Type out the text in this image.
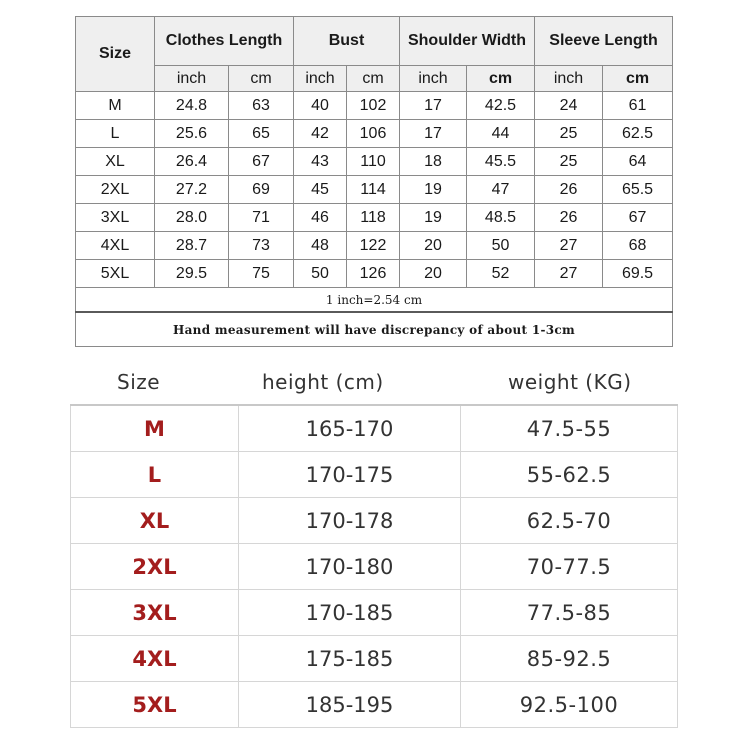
Size	Clothes Length		Bust		Shoulder Width		Sleeve Length	
	inch	cm	inch	cm	inch	cm	inch	cm
M	24.8	63	40	102	17	42.5	24	61
L	25.6	65	42	106	17	44	25	62.5
XL	26.4	67	43	110	18	45.5	25	64
2XL	27.2	69	45	114	19	47	26	65.5
3XL	28.0	71	46	118	19	48.5	26	67
4XL	28.7	73	48	122	20	50	27	68
5XL	29.5	75	50	126	20	52	27	69.5
1 inch=2.54 cm								
Hand measurement will have discrepancy of about 1-3cm								
Size	height (cm)	weight (KG)
M	165-170	47.5-55
L	170-175	55-62.5
XL	170-178	62.5-70
2XL	170-180	70-77.5
3XL	170-185	77.5-85
4XL	175-185	85-92.5
5XL	185-195	92.5-100
